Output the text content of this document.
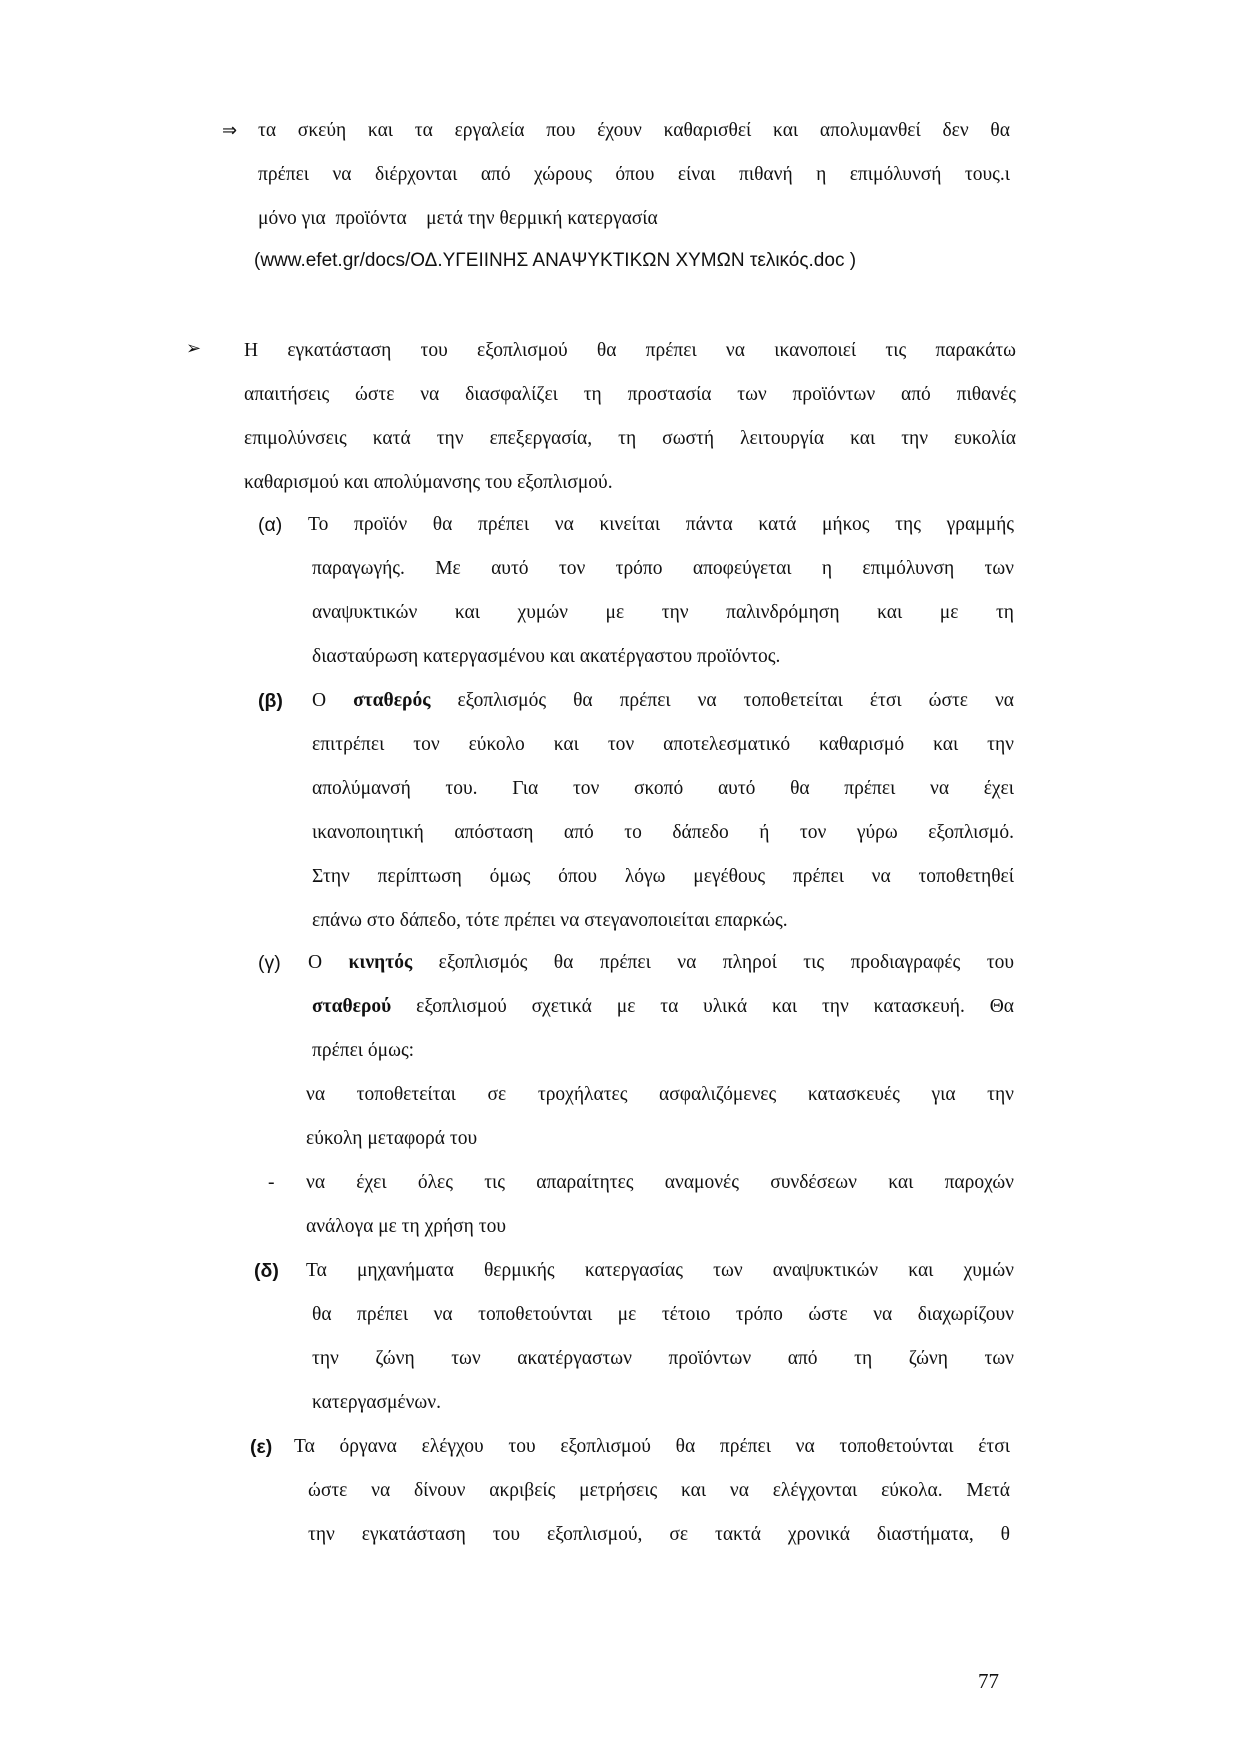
⇒ τα σκεύη και τα εργαλεία που έχουν καθαρισθεί και απολυμανθεί δεν θα
πρέπει να διέρχονται από χώρους όπου είναι πιθανή η επιμόλυνσή τους.ι
μόνο για  προϊόντα    μετά την θερμική κατεργασία
(www.efet.gr/docs/ΟΔ.ΥΓΕΙΙΝΗΣ ΑΝΑΨΥΚΤΙΚΩΝ ΧΥΜΩΝ τελικός.doc )
➢ Η εγκατάσταση του εξοπλισμού θα πρέπει να ικανοποιεί τις παρακάτω
απαιτήσεις ώστε να διασφαλίζει τη προστασία των προϊόντων από πιθανές
επιμολύνσεις κατά την επεξεργασία, τη σωστή λειτουργία και την ευκολία
καθαρισμού και απολύμανσης του εξοπλισμού.
(α) Το προϊόν θα πρέπει να κινείται πάντα κατά μήκος της γραμμής
παραγωγής. Με αυτό τον τρόπο αποφεύγεται η επιμόλυνση των
αναψυκτικών και χυμών με την παλινδρόμηση και με τη
διασταύρωση κατεργασμένου και ακατέργαστου προϊόντος.
(β) Ο σταθερός εξοπλισμός θα πρέπει να τοποθετείται έτσι ώστε να
επιτρέπει τον εύκολο και τον αποτελεσματικό καθαρισμό και την
απολύμανσή του. Για τον σκοπό αυτό θα πρέπει να έχει
ικανοποιητική απόσταση από το δάπεδο ή τον γύρω εξοπλισμό.
Στην περίπτωση όμως όπου λόγω μεγέθους πρέπει να τοποθετηθεί
επάνω στο δάπεδο, τότε πρέπει να στεγανοποιείται επαρκώς.
(γ) Ο κινητός εξοπλισμός θα πρέπει να πληροί τις προδιαγραφές του
σταθερού εξοπλισμού σχετικά με τα υλικά και την κατασκευή. Θα
πρέπει όμως:
να τοποθετείται σε τροχήλατες ασφαλιζόμενες κατασκευές για την
εύκολη μεταφορά του
- να έχει όλες τις απαραίτητες αναμονές συνδέσεων και παροχών
ανάλογα με τη χρήση του
(δ) Τα μηχανήματα θερμικής κατεργασίας των αναψυκτικών και χυμών
θα πρέπει να τοποθετούνται με τέτοιο τρόπο ώστε να διαχωρίζουν
την ζώνη των ακατέργαστων προϊόντων από τη ζώνη των
κατεργασμένων.
(ε) Τα όργανα ελέγχου του εξοπλισμού θα πρέπει να τοποθετούνται έτσι
ώστε να δίνουν ακριβείς μετρήσεις και να ελέγχονται εύκολα. Μετά
την εγκατάσταση του εξοπλισμού, σε τακτά χρονικά διαστήματα, θ
77
